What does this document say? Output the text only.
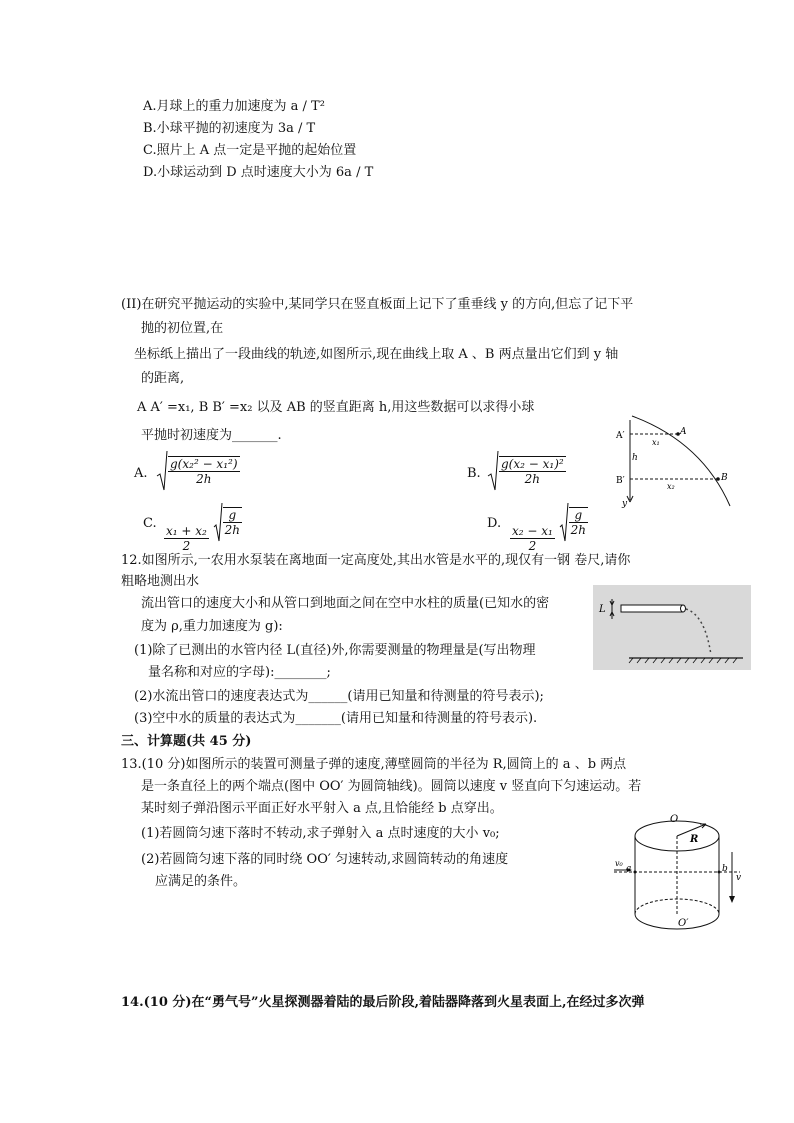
A.月球上的重力加速度为 a / T²
B.小球平抛的初速度为 3a / T
C.照片上 A 点一定是平抛的起始位置
D.小球运动到 D 点时速度大小为 6a / T
(II)在研究平抛运动的实验中,某同学只在竖直板面上记下了重垂线 y 的方向,但忘了记下平
抛的初位置,在
坐标纸上描出了一段曲线的轨迹,如图所示,现在曲线上取 A 、B 两点量出它们到 y 轴
的距离,
A A′ =x₁, B B′ =x₂ 以及 AB 的竖直距离 h,用这些数据可以求得小球
平抛时初速度为_______.
A. $\frac{\text{g(x₂² − x₁²)}}{2h}$	B. $\frac{\text{g(x₂ − x₁)²}}{2h}$
C.
$\frac{\text{x₁ + x₂}}{2}$

$\frac{g}{2h}$	D.
$\frac{\text{x₂ − x₁}}{2}$

$\frac{g}{2h}$
A′	A
x₁
h
B′	B
x₂
y
12.如图所示,一农用水泵装在离地面一定高度处,其出水管是水平的,现仅有一钢 卷尺,请你
粗略地测出水
流出管口的速度大小和从管口到地面之间在空中水柱的质量(已知水的密
度为 ρ,重力加速度为 g):
(1)除了已测出的水管内径 L(直径)外,你需要测量的物理量是(写出物理
量名称和对应的字母):________;
(2)水流出管口的速度表达式为______(请用已知量和待测量的符号表示);
(3)空中水的质量的表达式为_______(请用已知量和待测量的符号表示).
L
三、计算题(共 45 分)
13.(10 分)如图所示的装置可测量子弹的速度,薄壁圆筒的半径为 R,圆筒上的 a 、b 两点
是一条直径上的两个端点(图中 OO′ 为圆筒轴线)。圆筒以速度 v 竖直向下匀速运动。若
某时刻子弹沿图示平面正好水平射入 a 点,且恰能经 b 点穿出。
(1)若圆筒匀速下落时不转动,求子弹射入 a 点时速度的大小 v₀;
(2)若圆筒匀速下落的同时绕 OO′ 匀速转动,求圆筒转动的角速度
应满足的条件。
O
R
v₀
a	b
v
O′
14.(10 分)在“勇气号”火星探测器着陆的最后阶段,着陆器降落到火星表面上,在经过多次弹
